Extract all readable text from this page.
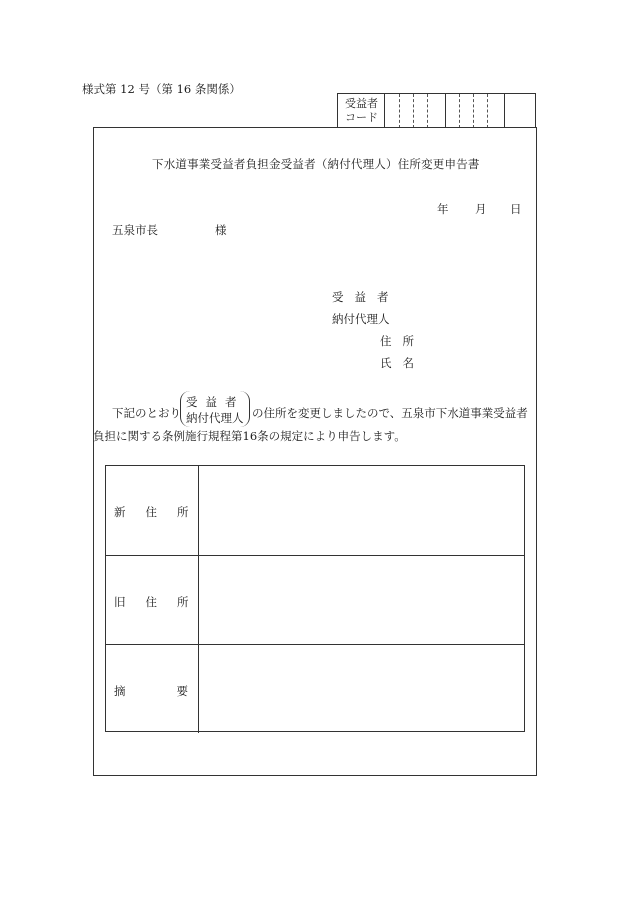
様式第 12 号（第 16 条関係）
受益者
コード
下水道事業受益者負担金受益者（納付代理人）住所変更申告書
年 月 日
五泉市長	様
受益者
納付代理人
住所
氏名
下記のとおり
受益者
納付代理人 の住所を変更しましたので、五泉市下水道事業受益者
負担に関する条例施行規程第16条の規定により申告します。
新住所
旧住所
摘要
